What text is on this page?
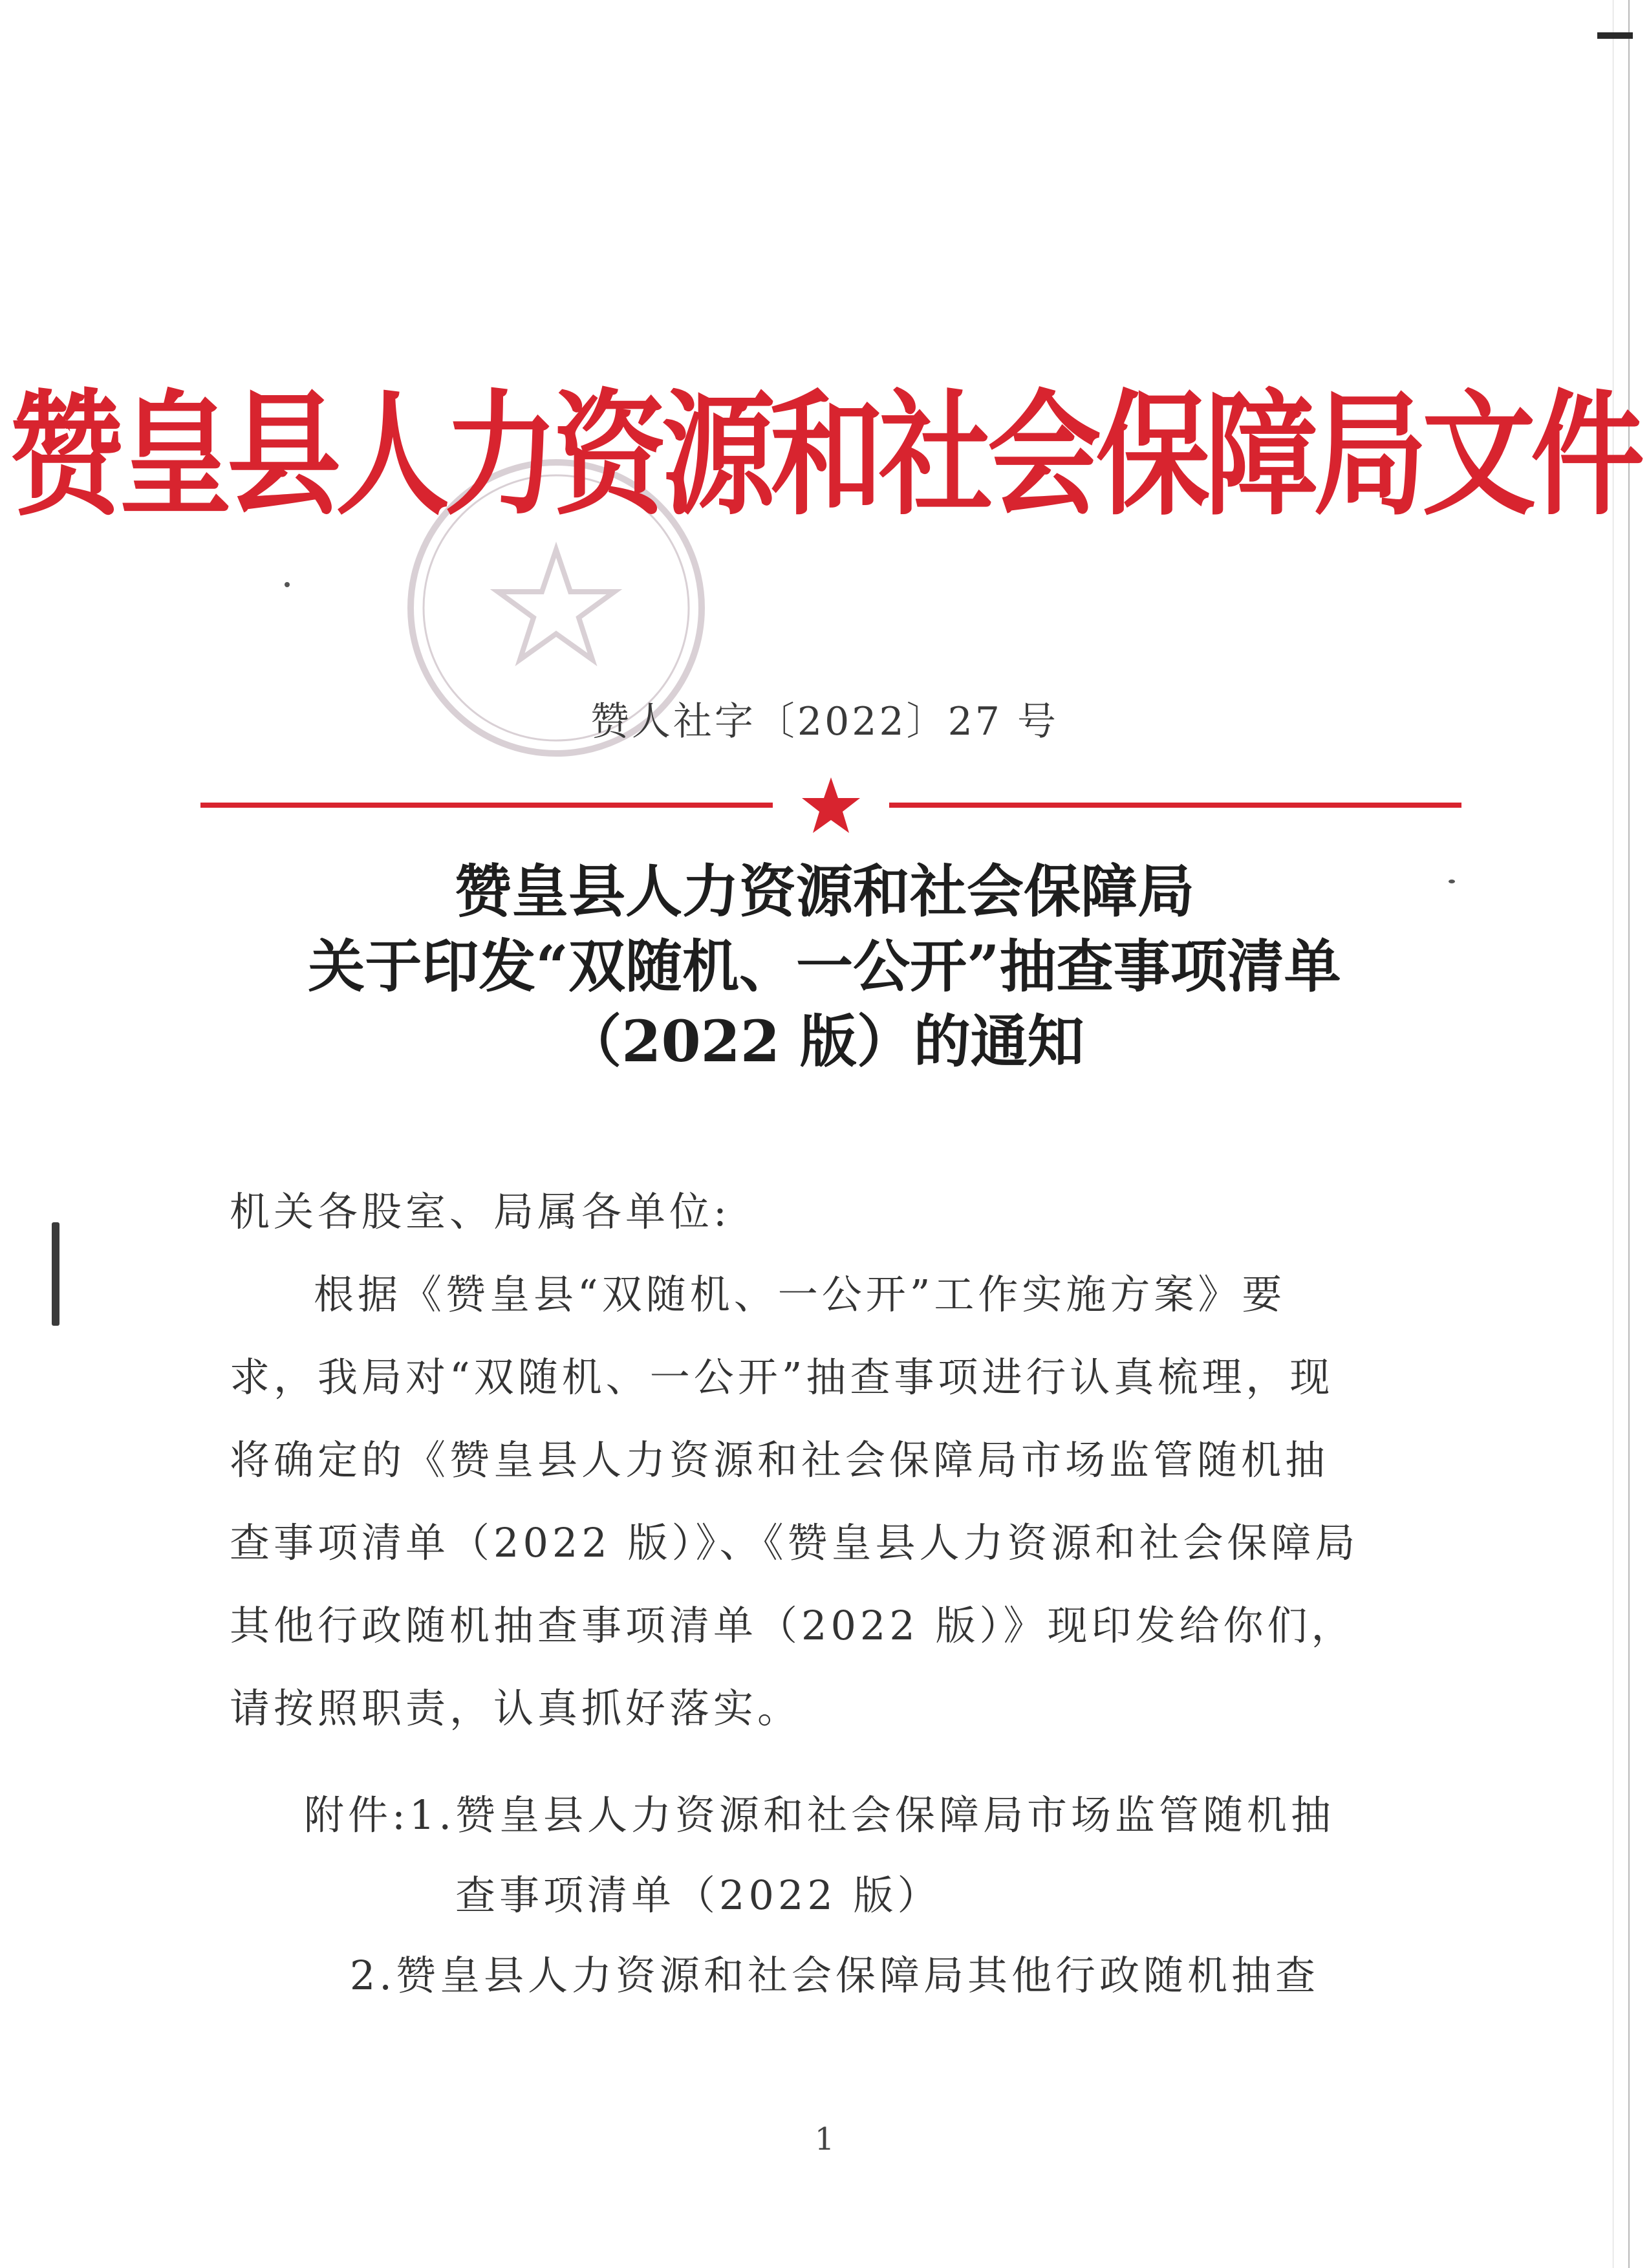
赞皇县人力资源和社会保障局文件
赞人社字〔2022〕27 号
赞皇县人力资源和社会保障局
关于印发“双随机、一公开”抽查事项清单
（2022 版）的通知

机关各股室、局属各单位:

根据《赞皇县“双随机、一公开”工作实施方案》要求，我局对“双随机、一公开”抽查事项进行认真梳理，现将确定的《赞皇县人力资源和社会保障局市场监管随机抽查事项清单（2022 版）》、《赞皇县人力资源和社会保障局其他行政随机抽查事项清单（2022 版）》现印发给你们，请按照职责，认真抓好落实。

附件: 1. 赞皇县人力资源和社会保障局市场监管随机抽查事项清单（2022 版）
2. 赞皇县人力资源和社会保障局其他行政随机抽查
1
